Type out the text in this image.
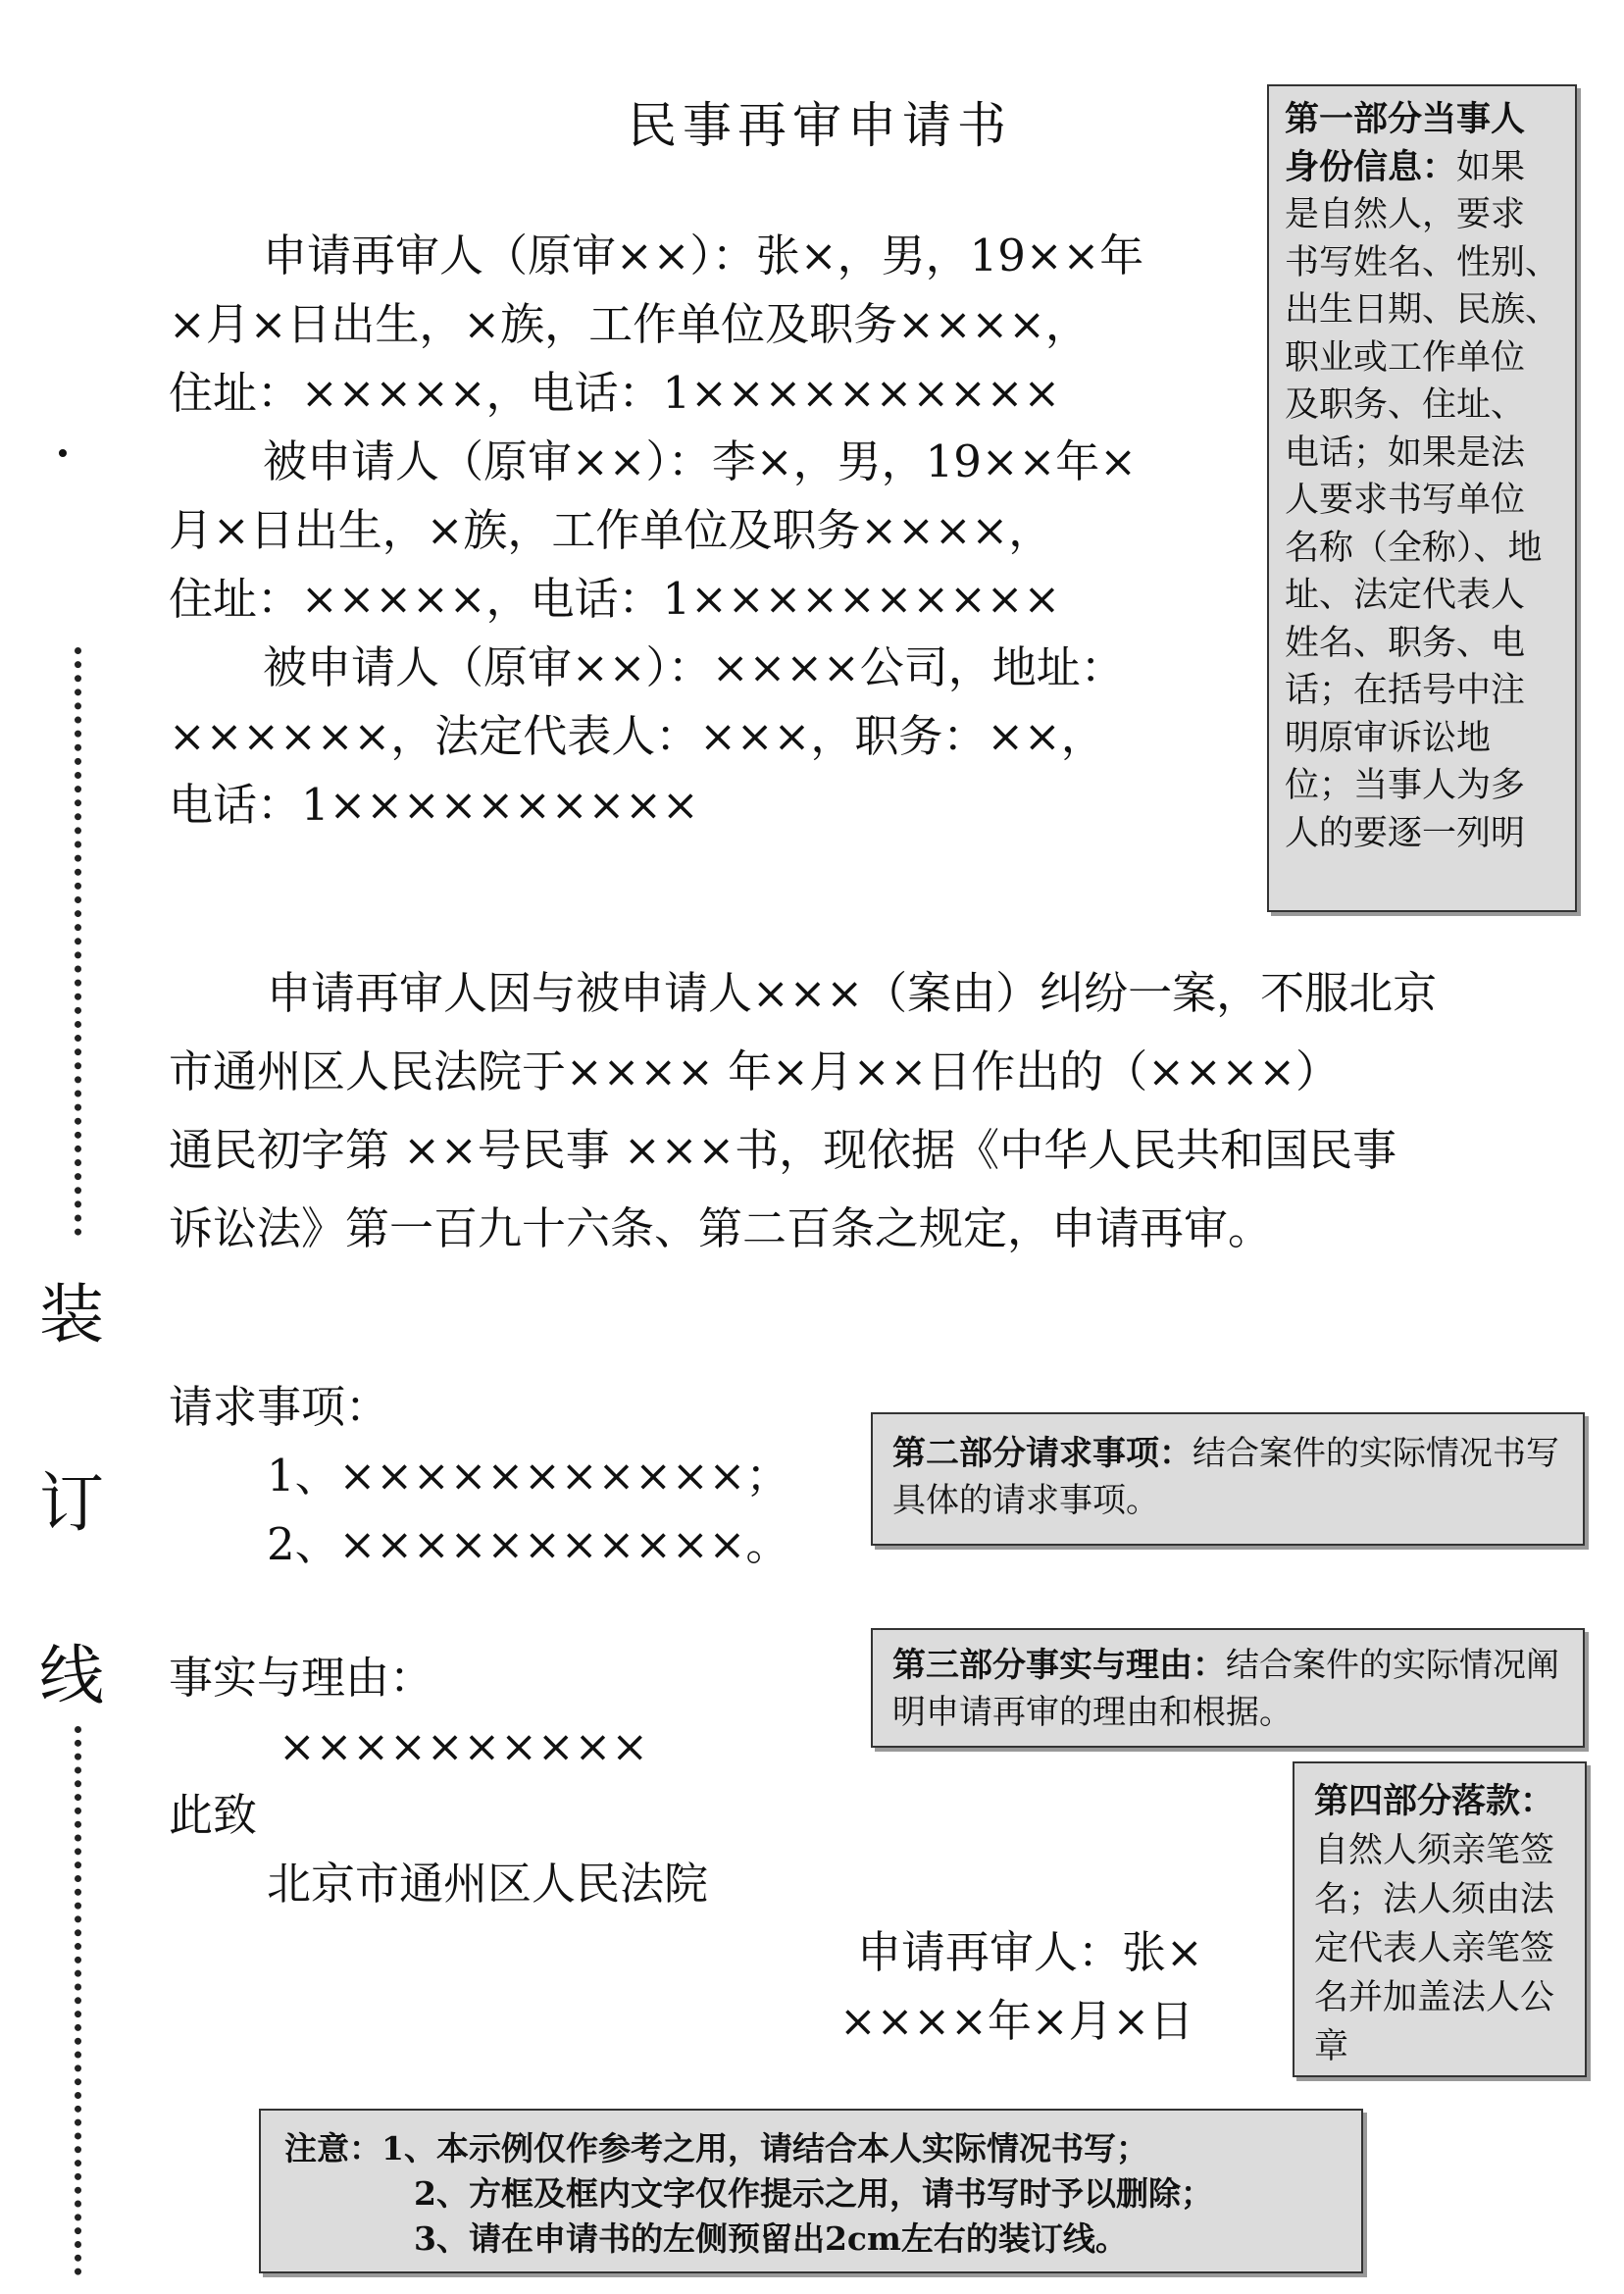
装
订
线
民事再审申请书
申请再审人（原审××）：张×，男，19××年
×月×日出生，×族，工作单位及职务××××，
住址：×××××，电话：1××××××××××
被申请人（原审××）：李×，男，19××年×
月×日出生，×族，工作单位及职务××××，
住址：×××××，电话：1××××××××××
被申请人（原审××）：××××公司，地址：
××××××，法定代表人：×××，职务：××，
电话：1××××××××××
申请再审人因与被申请人×××（案由）纠纷一案，不服北京
市通州区人民法院于×××× 年×月××日作出的（××××）
通民初字第 ××号民事 ×××书，现依据《中华人民共和国民事
诉讼法》第一百九十六条、第二百条之规定，申请再审。
请求事项：
1、×××××××××××；
2、×××××××××××。
事实与理由：
××××××××××
此致
北京市通州区人民法院
申请再审人：张×
××××年×月×日
第一部分当事人
身份信息：如果
是自然人，要求
书写姓名、性别、
出生日期、民族、
职业或工作单位
及职务、住址、
电话；如果是法
人要求书写单位
名称（全称）、地
址、法定代表人
姓名、职务、电
话；在括号中注
明原审诉讼地
位；当事人为多
人的要逐一列明
第二部分请求事项：结合案件的实际情况书写具体的请求事项。
第三部分事实与理由：结合案件的实际情况阐明申请再审的理由和根据。
第四部分落款：自然人须亲笔签名；法人须由法定代表人亲笔签名并加盖法人公章
注意：1、本示例仅作参考之用，请结合本人实际情况书写；
2、方框及框内文字仅作提示之用，请书写时予以删除；
3、请在申请书的左侧预留出2cm左右的装订线。
